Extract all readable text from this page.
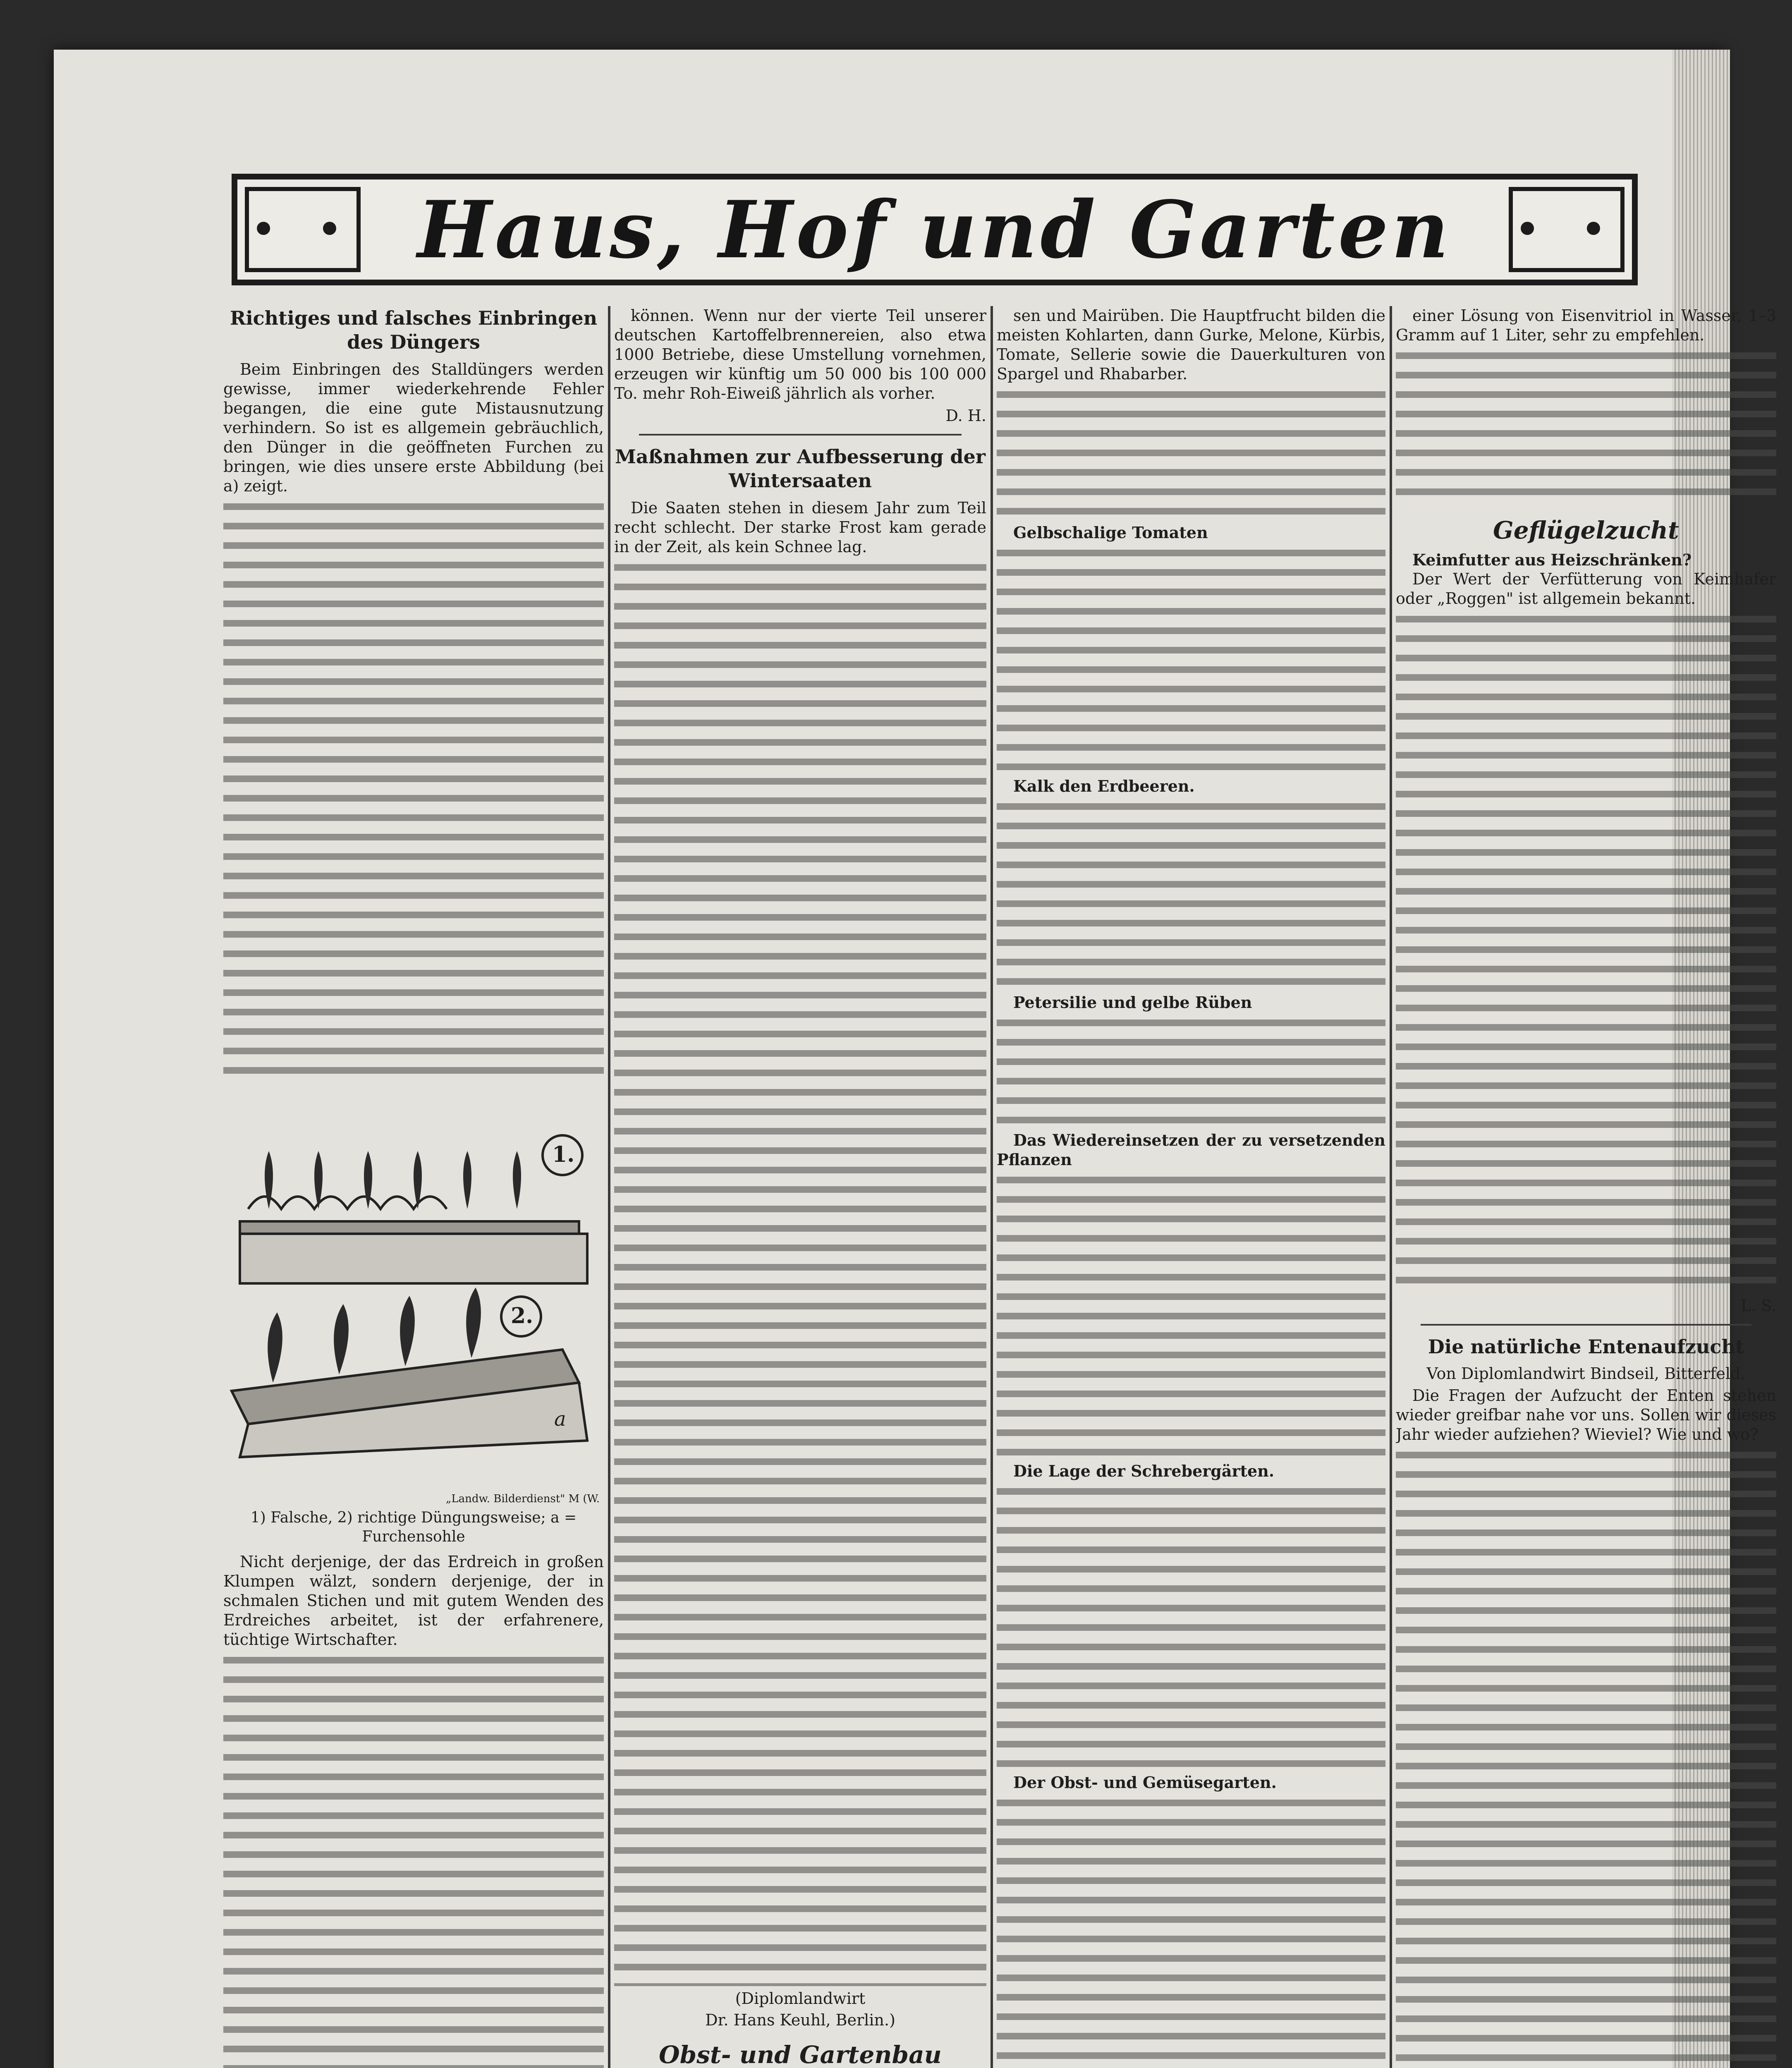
• • Haus, Hof und Garten	• •
Richtiges und falsches Einbringen des Düngers

Beim Einbringen des Stalldüngers werden gewisse, immer wiederkehrende Fehler begangen, die eine gute Mistausnutzung verhindern. So ist es allgemein gebräuchlich, den Dünger in die geöffneten Furchen zu bringen, wie dies unsere erste Abbildung (bei a) zeigt.

1.
2.
a
„Landw. Bilderdienst" M (W.
1) Falsche, 2) richtige Düngungsweise; a = Furchensohle

Nicht derjenige, der das Erdreich in großen Klumpen wälzt, sondern derjenige, der in schmalen Stichen und mit gutem Wenden des Erdreiches arbeitet, ist der erfahrenere, tüchtige Wirtschafter.

können. Wenn nur der vierte Teil unserer deutschen Kartoffelbrennereien, also etwa 1000 Betriebe, diese Umstellung vornehmen, erzeugen wir künftig um 50 000 bis 100 000 To. mehr Roh-Eiweiß jährlich als vorher.

D. H.
Maßnahmen zur Aufbesserung der Wintersaaten

Die Saaten stehen in diesem Jahr zum Teil recht schlecht. Der starke Frost kam gerade in der Zeit, als kein Schnee lag.

(Diplomlandwirt
Dr. Hans Keuhl, Berlin.)
Obst- und Gartenbau

sen und Mairüben. Die Hauptfrucht bilden die meisten Kohlarten, dann Gurke, Melone, Kürbis, Tomate, Sellerie sowie die Dauerkulturen von Spargel und Rhabarber.

Gelbschalige Tomaten

Kalk den Erdbeeren.

Petersilie und gelbe Rüben

Das Wiedereinsetzen der zu versetzenden Pflanzen

Die Lage der Schrebergärten.

Der Obst- und Gemüsegarten.

einer Lösung von Eisenvitriol in Wasser, 1–3 Gramm auf 1 Liter, sehr zu empfehlen.

Geflügelzucht

Keimfutter aus Heizschränken?

Der Wert der Verfütterung von Keimhafer oder „Roggen" ist allgemein bekannt.

L. S.
Die natürliche Entenaufzucht
Von Diplomlandwirt Bindseil, Bitterfeld.

Die Fragen der Aufzucht der Enten stehen wieder greifbar nahe vor uns. Sollen wir dieses Jahr wieder aufziehen? Wieviel? Wie und wo?
